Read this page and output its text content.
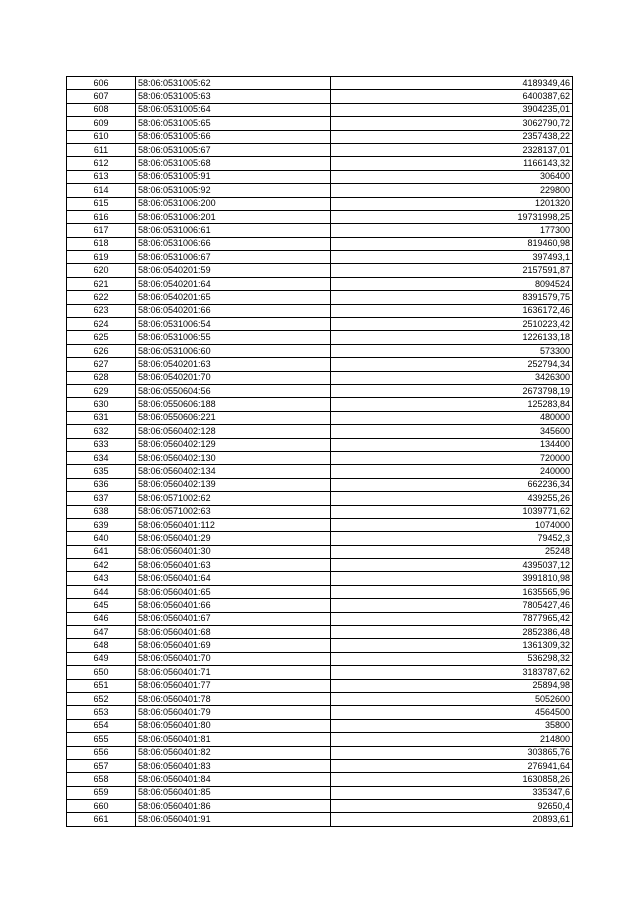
606	58:06:0531005:62	4189349,46
607	58:06:0531005:63	6400387,62
608	58:06:0531005:64	3904235,01
609	58:06:0531005:65	3062790,72
610	58:06:0531005:66	2357438,22
611	58:06:0531005:67	2328137,01
612	58:06:0531005:68	1166143,32
613	58:06:0531005:91	306400
614	58:06:0531005:92	229800
615	58:06:0531006:200	1201320
616	58:06:0531006:201	19731998,25
617	58:06:0531006:61	177300
618	58:06:0531006:66	819460,98
619	58:06:0531006:67	397493,1
620	58:06:0540201:59	2157591,87
621	58:06:0540201:64	8094524
622	58:06:0540201:65	8391579,75
623	58:06:0540201:66	1636172,46
624	58:06:0531006:54	2510223,42
625	58:06:0531006:55	1226133,18
626	58:06:0531006:60	573300
627	58:06:0540201:63	252794,34
628	58:06:0540201:70	3426300
629	58:06:0550604:56	2673798,19
630	58:06:0550606:188	125283,84
631	58:06:0550606:221	480000
632	58:06:0560402:128	345600
633	58:06:0560402:129	134400
634	58:06:0560402:130	720000
635	58:06:0560402:134	240000
636	58:06:0560402:139	662236,34
637	58:06:0571002:62	439255,26
638	58:06:0571002:63	1039771,62
639	58:06:0560401:112	1074000
640	58:06:0560401:29	79452,3
641	58:06:0560401:30	25248
642	58:06:0560401:63	4395037,12
643	58:06:0560401:64	3991810,98
644	58:06:0560401:65	1635565,96
645	58:06:0560401:66	7805427,46
646	58:06:0560401:67	7877965,42
647	58:06:0560401:68	2852386,48
648	58:06:0560401:69	1361309,32
649	58:06:0560401:70	536298,32
650	58:06:0560401:71	3183787,62
651	58:06:0560401:77	25894,98
652	58:06:0560401:78	5052600
653	58:06:0560401:79	4564500
654	58:06:0560401:80	35800
655	58:06:0560401:81	214800
656	58:06:0560401:82	303865,76
657	58:06:0560401:83	276941,64
658	58:06:0560401:84	1630858,26
659	58:06:0560401:85	335347,6
660	58:06:0560401:86	92650,4
661	58:06:0560401:91	20893,61
